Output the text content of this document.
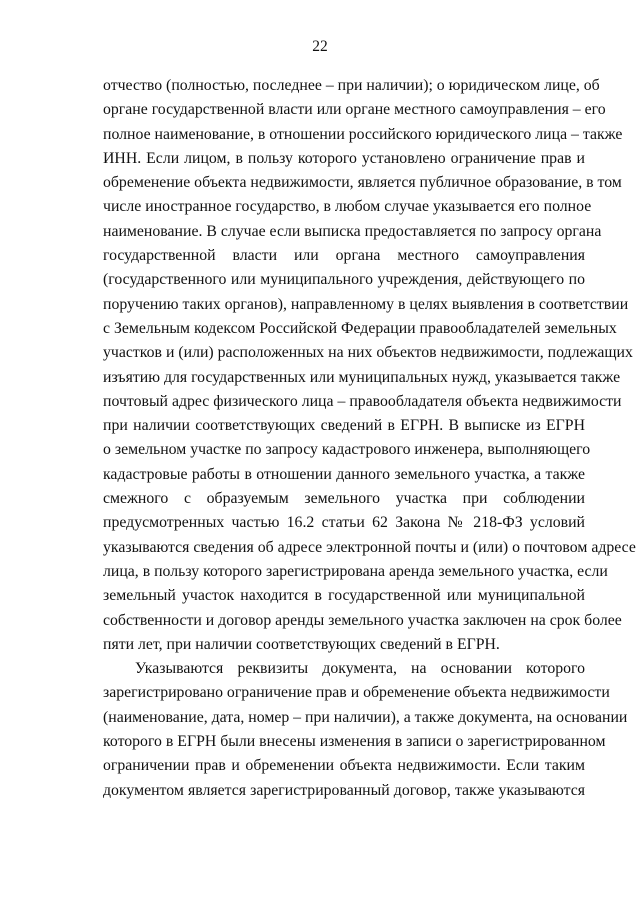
22
отчество (полностью, последнее – при наличии); о юридическом лице, об
органе государственной власти или органе местного самоуправления – его
полное наименование, в отношении российского юридического лица – также
ИНН. Если лицом, в пользу которого установлено ограничение прав и
обременение объекта недвижимости, является публичное образование, в том
числе иностранное государство, в любом случае указывается его полное
наименование. В случае если выписка предоставляется по запросу органа
государственной власти или органа местного самоуправления
(государственного или муниципального учреждения, действующего по
поручению таких органов), направленному в целях выявления в соответствии
с Земельным кодексом Российской Федерации правообладателей земельных
участков и (или) расположенных на них объектов недвижимости, подлежащих
изъятию для государственных или муниципальных нужд, указывается также
почтовый адрес физического лица – правообладателя объекта недвижимости
при наличии соответствующих сведений в ЕГРН. В выписке из ЕГРН
о земельном участке по запросу кадастрового инженера, выполняющего
кадастровые работы в отношении данного земельного участка, а также
смежного с образуемым земельного участка при соблюдении
предусмотренных частью 16.2 статьи 62 Закона № 218-ФЗ условий
указываются сведения об адресе электронной почты и (или) о почтовом адресе
лица, в пользу которого зарегистрирована аренда земельного участка, если
земельный участок находится в государственной или муниципальной
собственности и договор аренды земельного участка заключен на срок более
пяти лет, при наличии соответствующих сведений в ЕГРН.
Указываются реквизиты документа, на основании которого
зарегистрировано ограничение прав и обременение объекта недвижимости
(наименование, дата, номер – при наличии), а также документа, на основании
которого в ЕГРН были внесены изменения в записи о зарегистрированном
ограничении прав и обременении объекта недвижимости. Если таким
документом является зарегистрированный договор, также указываются
